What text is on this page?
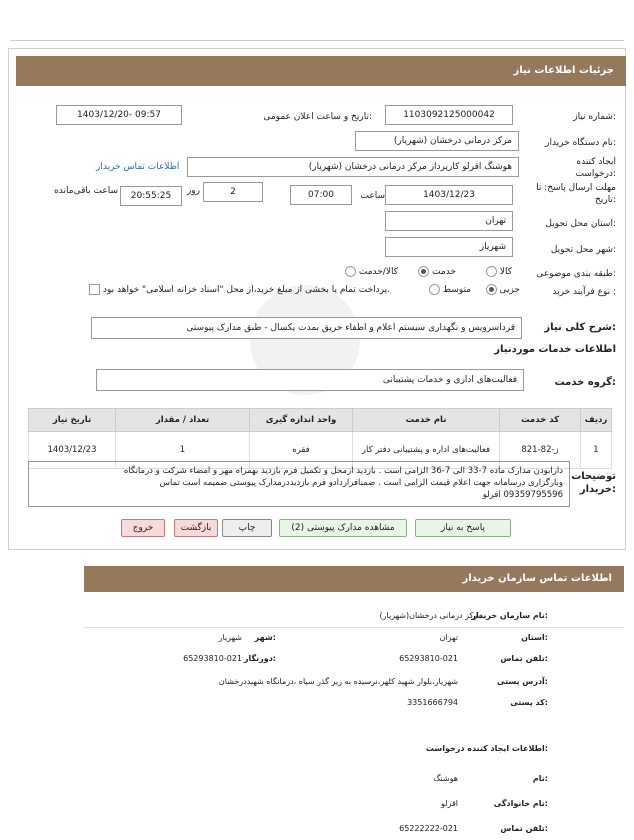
جزئیات اطلاعات نیاز
شماره نیاز:
1103092125000042
تاریخ و ساعت اعلان عمومی:
1403/12/20- 09:57
نام دستگاه خریدار:
مرکز درمانی درخشان (شهریار)
ایجاد کننده درخواست:
هوشنگ اقرلو کارپرداز مرکز درمانی درخشان (شهریار)
اطلاعات تماس خریدار
مهلت ارسال پاسخ: تا تاریخ:
1403/12/23
ساعت
07:00
2
روز
20:55:25
ساعت باقی‌مانده
استان محل تحویل:
تهران
شهر محل تحویل:
شهریار
طبقه بندی موضوعی:
کالا
خدمت
کالا/خدمت
نوع فرآیند خرید :
جزیی
متوسط
پرداخت تمام یا بخشی از مبلغ خرید،از محل "اسناد خزانه اسلامی" خواهد بود.
شرح کلی نیاز:
قرداسرویس و نگهداری سیستم اعلام و اطفاء حریق بمدت یکسال - طبق مدارک پیوستی
اطلاعات خدمات موردنیاز
گروه خدمت:
فعالیت‌های اداری و خدمات پشتیبانی
تاریخ نیاز	تعداد / مقدار	واحد اندازه گیری	نام خدمت	کد خدمت	ردیف
1403/12/23	1	فقره	فعالیت‌های اداره و پشتیبانی دفتر کار	ز-82-821	1
توضیحات خریدار:
دارابودن مدارک ماده 7-33 الی 7-36 الزامی است . بازدید ازمحل و تکمیل فرم بازدید بهمراه مهر و امضاء شرکت و درمانگاه
وبارگزاری درسامانه جهت اعلام قیمت الزامی است . ضمنافرارداد‌و فرم بازدیددرمدارک پیوستی ضمیمه است تماس
09359795596 اقرلو
پاسخ به نیاز
مشاهده مدارک پیوستی (2)
چاپ
بازگشت
خروج
اطلاعات تماس سازمان خریدار
نام سازمان خریدار:
مرکز درمانی درخشان(شهریار)
استان:
تهران
شهر:
شهریار
تلفن تماس:
65293810-021
دورنگار:
65293810-021
آدرس پستی:
شهریار،بلوار شهید کلهر،نرسیده به زیر گذر سپاه ،درمانگاه شهیددرخشان
کد پستی:
3351666794
اطلاعات ایجاد کننده درخواست:
نام:
هوشنگ
نام خانوادگی:
اقرلو
تلفن تماس:
65222222-021
